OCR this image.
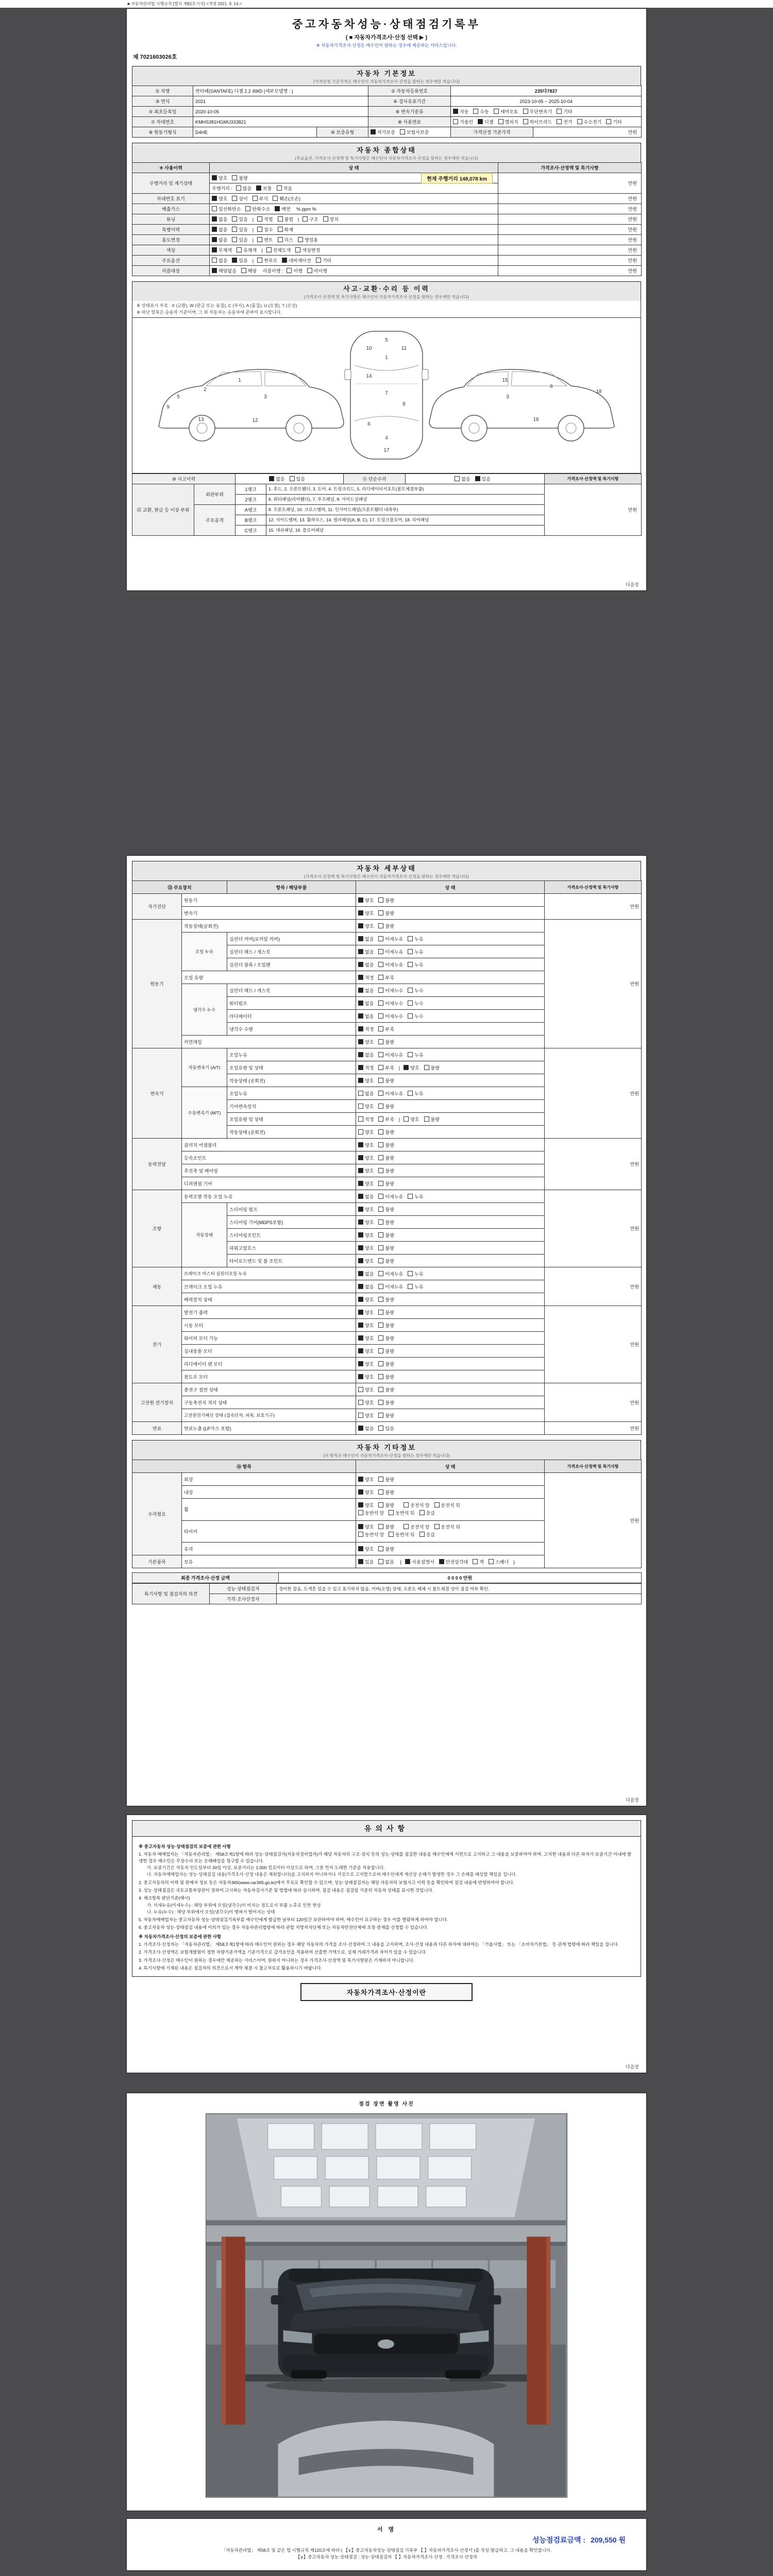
■ 자동차관리법 시행규칙 [별지 제82호서식] <개정 2021. 9. 14.>
중고자동차성능·상태점검기록부
( ■ 자동차가격조사·산정 선택 ▶ )
※ 자동차가격조사·산정은 매수인이 원하는 경우에 제공하는 서비스입니다.
제 7021603026호
자동차 기본정보
(가격산정 기준가격은 매수인이 자동차가격조사·산정을 원하는 경우에만 적습니다)
① 차명	싼타페(SANTAFE) 디젤 2.2 4WD (세부모델명 : )		② 자동차등록번호	235다7837	
③ 연식	2021		④ 검사유효기간	2023-10-05 ~ 2025-10-04	
⑤ 최초등록일	2020-10-05		⑥ 변속기종류	자동 수동 세미오토 무단변속기 기타	
⑦ 차대번호	KMHS381HGMU333821		⑧ 사용연료	가솔린 디젤 엘피지 하이브리드 전기 수소전기 기타	
⑨ 원동기형식	D4HE	⑩ 보증유형	자가보증 보험사보증	가격산정 기준가격	만원
자동차 종합상태
(주요옵션, 가격조사·산정액 및 특기사항은 매수인이 자동차가격조사·산정을 원하는 경우에만 적습니다)
⑨ 사용이력	상 태	가격조사·산정액 및 특기사항
주행거리 및 계기상태	양호 불량 현재 주행거리 148,078 km	만원
	주행거리 : 많음 보통 적음	
차대번호 표기	양호 상이 부식 훼손(오손)	만원
배출가스	일산화탄소 탄화수소 매연 % ppm %	만원
튜닝	없음 있음 | 적법 불법 | 구조 장치	만원
특별이력	없음 있음 | 침수 화재	만원
용도변경	없음 있음 | 렌트 리스 영업용	만원
색상	무채색 유채색 | 전체도색 색상변경	만원
주요옵션	없음 있음 | 썬루프 네비게이션 기타	만원
리콜대상	해당없음 해당 리콜이행 : 이행 미이행	만원
사고·교환·수리 등 이력
(가격조사·산정액 및 특기사항은 매수인이 자동차가격조사·산정을 원하는 경우에만 적습니다)
※ 상태표시 부호 : X (교환), W (판금 또는 용접), C (부식), A (흠집), U (요철), T (손상)
※ 하단 항목은 승용차 기준이며, 그 외 자동차는 승용차에 준하여 표시합니다.
1
2
3
5
9
13	12
5
10	11
1
14
7
8
6
4
17
3
6
15
16
18
⑩ 사고이력		없음 있음		⑪ 단순수리	없음 있음	가격조사·산정액 및 특기사항
⑫ 교환, 판금 등 이상 부위	외판부위	1랭크	1. 후드, 2. 프론트휀더, 3. 도어, 4. 트렁크리드, 5. 라디에이터서포트(볼트체결부품)			만원
		2랭크	6. 쿼터패널(리어휀더), 7. 루프패널, 8. 사이드실패널			
	주요골격	A랭크	9. 프론트패널, 10. 크로스멤버, 11. 인사이드패널(프론트휀더 내측부)			
		B랭크	12. 사이드멤버, 13. 휠하우스, 14. 필러패널(A, B, C), 17. 트렁크플로어, 18. 리어패널			
		C랭크	15. 대쉬패널, 16. 플로어패널			
다음장
자동차 세부상태
(가격조사·산정액 및 특기사항은 매수인이 자동차가격조사·산정을 원하는 경우에만 적습니다)
⑬ 주요장치		항목 / 해당부품	상 태	가격조사·산정액 및 특기사항
자기진단	원동기		양호 불량	만원
	변속기		양호 불량	
원동기	작동상태(공회전)		양호 불량	만원
	오일 누유	실린더 커버(로커암 커버)	없음 미세누유 누유	
		실린더 헤드 / 개스킷	없음 미세누유 누유	
		실린더 블록 / 오일팬	없음 미세누유 누유	
	오일 유량		적정 부족	
	냉각수 누수	실린더 헤드 / 개스킷	없음 미세누수 누수	
		워터펌프	없음 미세누수 누수	
		라디에이터	없음 미세누수 누수	
		냉각수 수량	적정 부족	
	커먼레일		양호 불량	
변속기	자동변속기 (A/T)	오일누유	없음 미세누유 누유	만원
		오일유량 및 상태	적정 부족 | 양호 불량	
		작동상태 (공회전)	양호 불량	
	수동변속기 (M/T)	오일누유	없음 미세누유 누유	
		기어변속장치	양호 불량	
		오일유량 및 상태	적정 부족 | 양호 불량	
		작동상태 (공회전)	양호 불량	
동력전달	클러치 어셈블리		양호 불량	만원
	등속조인트		양호 불량	
	추진축 및 베어링		양호 불량	
	디퍼렌셜 기어		양호 불량	
조향	동력조향 작동 오일 누유		없음 미세누유 누유	만원
	작동상태	스티어링 펌프	양호 불량	
		스티어링 기어(MDPS포함)	양호 불량	
		스티어링조인트	양호 불량	
		파워고압호스	양호 불량	
		타이로드엔드 및 볼 조인트	양호 불량	
제동	브레이크 마스터 실린더오일 누유		없음 미세누유 누유	만원
	브레이크 오일 누유		없음 미세누유 누유	
	배력장치 상태		양호 불량	
전기	발전기 출력		양호 불량	만원
	시동 모터		양호 불량	
	와이퍼 모터 기능		양호 불량	
	실내송풍 모터		양호 불량	
	라디에이터 팬 모터		양호 불량	
	윈도우 모터		양호 불량	
고전원 전기장치	충전구 절연 상태		양호 불량	만원
	구동축전지 격리 상태		양호 불량	
	고전원전기배선 상태 (접속단자, 피복, 보호기구)		양호 불량	
연료	연료누출 (LP가스 포함)		없음 있음	만원
자동차 기타정보
(⑭ 항목은 매수인이 자동차가격조사·산정을 원하는 경우에만 적습니다)
⑭ 항목		상 태	가격조사·산정액 및 특기사항
수리필요	외장	양호 불량	만원
	내장	양호 불량	
	휠	양호 불량 운전석 앞 운전석 뒤
동반석 앞 동반석 뒤 응급	

	타이어	양호 불량 운전석 앞 운전석 뒤
동반석 앞 동반석 뒤 응급	

	유리	양호 불량	
기본품목	보유	있음 없음 ( 사용설명서 안전삼각대 잭 스패너 )	
최종 가격조사·산정 금액	0 0 0 0 만원
특기사항 및 점검자의 의견	성능·상태점검자	경미한 잡음, 도색흔 있을 수 있고 표기하지 않음, 커버(오염) 상태, 프론트 해체 시 볼트체결 상이 점검 여부 확인.
	가격·조사산정자	
다음장
유의사항
※ 중고자동차 성능·상태점검의 보증에 관한 사항
1. 자동차 매매업자는 「자동차관리법」 제58조제1항에 따라 성능·상태점검자(자동차정비업자)가 해당 자동차의 구조·장치 등의 성능·상태를 점검한 내용을 매수인에게 서면으로 고지하고 그 내용을 보증하여야 하며, 고지한 내용과 다른 하자가 보증기간 이내에 발생한 경우 매수인은 무상수리 또는 손해배상을 청구할 수 있습니다.
가. 보증기간은 자동차 인도일부터 30일 이상, 보증거리는 2,000 킬로미터 이상으로 하며, 그중 먼저 도래한 기준을 적용합니다.
나. 자동차매매업자는 성능·상태점검 내용(가격조사·산정 내용은 제외합니다)을 고지하지 아니하거나 거짓으로 고지함으로써 매수인에게 재산상 손해가 발생한 경우 그 손해를 배상할 책임을 집니다.
2. 중고자동차의 이력 및 판매자 정보 등은 자동차365(www.car365.go.kr)에서 무료로 확인할 수 있으며, 성능·상태점검자는 해당 자동차의 보험사고 이력 등을 확인하여 점검 내용에 반영하여야 합니다.
3. 성능·상태점검은 국토교통부장관이 정하여 고시하는 자동차검사기준 및 방법에 따라 실시하며, 점검 내용은 점검일 기준의 자동차 상태를 표시한 것입니다.
4. 체크항목 판단기준(예시)
가. 미세누유(미세누수) : 해당 부위에 오일(냉각수)이 비치는 정도로서 부품 노후로 인한 현상
나. 누유(누수) : 해당 부위에서 오일(냉각수)이 맺혀서 떨어지는 상태
5. 자동차매매업자는 중고자동차 성능·상태점검기록부를 매수인에게 발급한 날부터 120일간 보관하여야 하며, 매수인이 요구하는 경우 이를 열람하게 하여야 합니다.
6. 중고자동차 성능·상태점검 내용에 이의가 있는 경우 자동차관리법령에 따라 관할 지방자치단체 또는 자동차안전단체에 조정·중재를 신청할 수 있습니다.
※ 자동차가격조사·산정의 보증에 관한 사항
1. 가격조사·산정자는 「자동차관리법」 제58조제1항에 따라 매수인이 원하는 경우 해당 자동차의 가격을 조사·산정하여 그 내용을 고지하며, 조사·산정 내용과 다른 하자에 대하여는 「기술사법」 또는 「소비자기본법」 등 관계 법령에 따라 책임을 집니다.
2. 가격조사·산정액은 보험개발원이 정한 차량기준가액을 기준가격으로 감가요인을 적용하여 산출한 가액으로, 실제 거래가격과 차이가 있을 수 있습니다.
3. 가격조사·산정은 매수인이 원하는 경우에만 제공하는 서비스이며, 원하지 아니하는 경우 가격조사·산정액 및 특기사항란은 기재하지 아니합니다.
4. 특기사항에 기재된 내용은 점검자의 의견으로서 계약 체결 시 참고자료로 활용하시기 바랍니다.
자동차가격조사·산정이란
다음장
점검 장면 촬영 사진
서 명
성능점검료금액 : 209,550 원
「자동차관리법」 제58조 및 같은 법 시행규칙 제120조에 따라 ( 【∨】중고자동차성능·상태점검 기록부 【 】자동차가격조사·산정서 )를 작성·발급하고, 그 내용을 확인합니다.
【∨】중고자동차 성능·상태점검 : 성능·상태점검자 【 】자동차가격조사·산정 : 가격조사·산정자
